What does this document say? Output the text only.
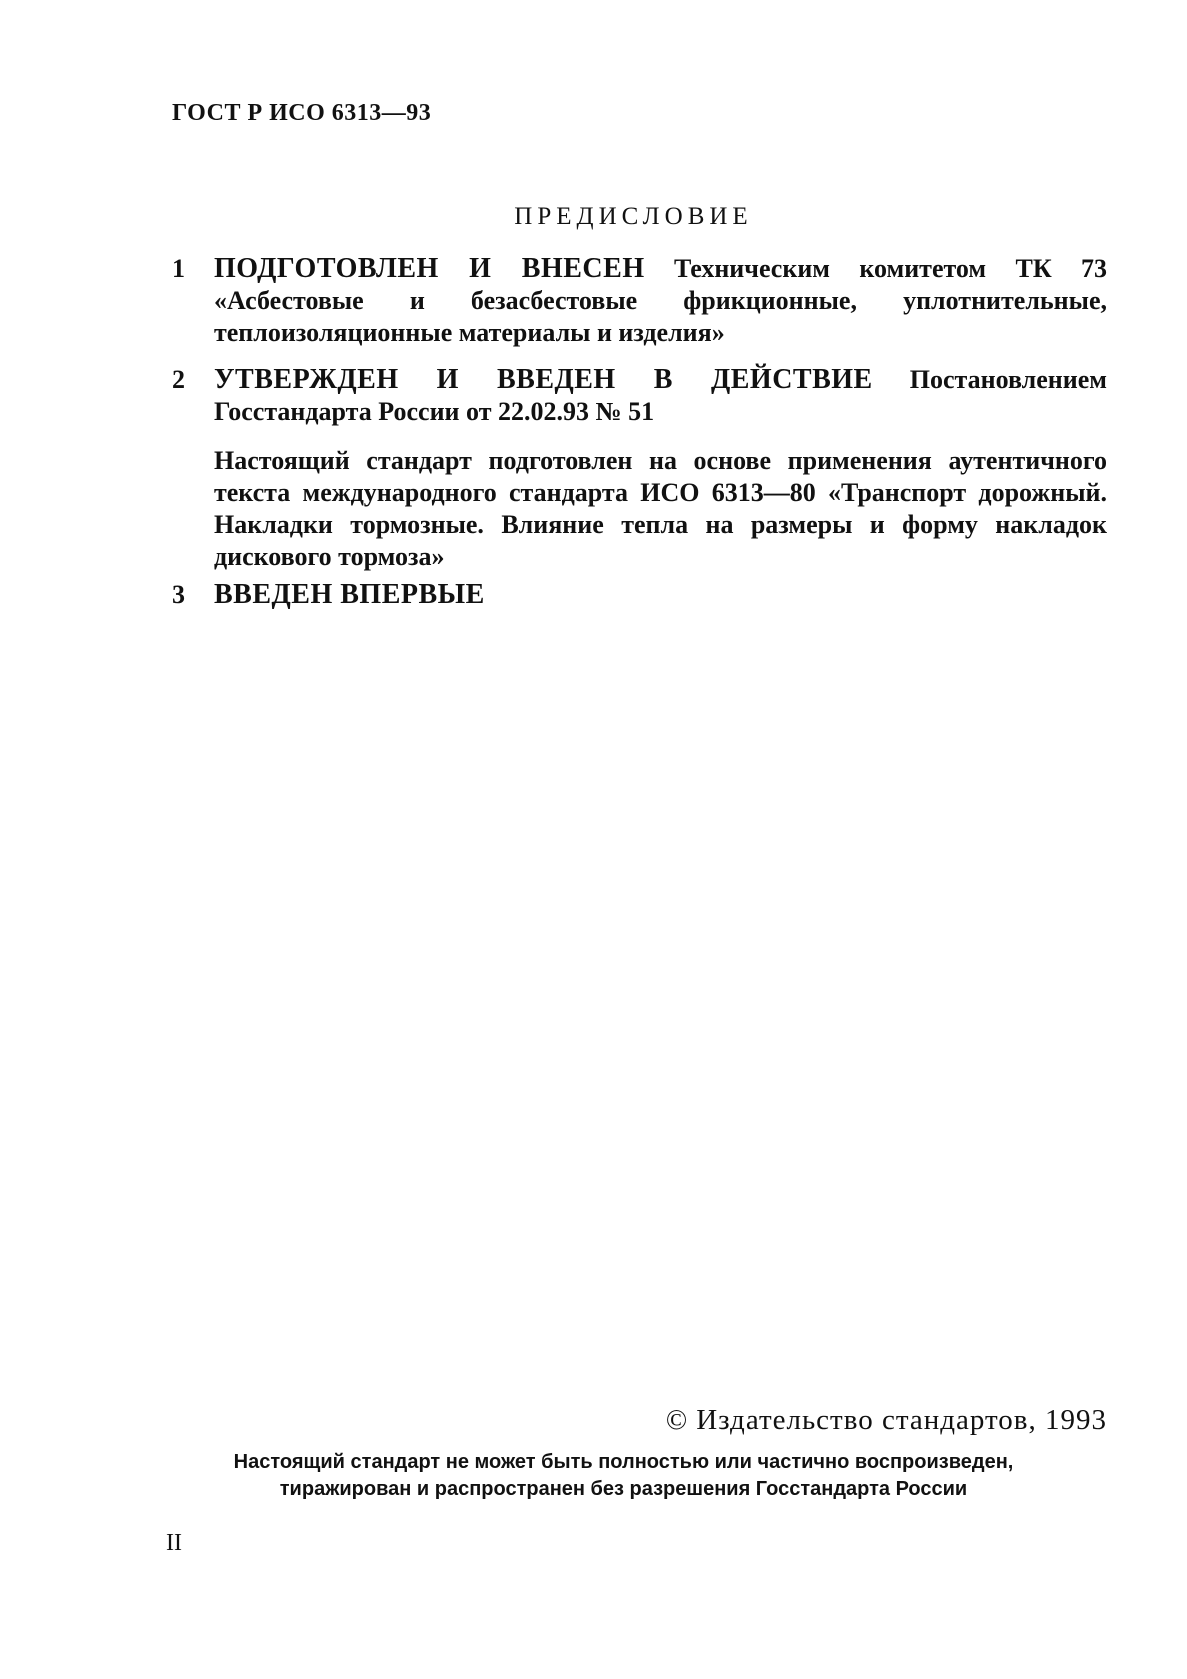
ГОСТ Р ИСО 6313—93
ПРЕДИСЛОВИЕ
1	ПОДГОТОВЛЕН И ВНЕСЕН Техническим комитетом ТК 73 «Асбестовые и безасбестовые фрикционные, уплотнительные, теплоизоляционные материалы и изделия»
2	УТВЕРЖДЕН И ВВЕДЕН В ДЕЙСТВИЕ Постановлением Госстандарта России от 22.02.93 № 51
Настоящий стандарт подготовлен на основе применения аутентичного текста международного стандарта ИСО 6313—80 «Транспорт дорожный. Накладки тормозные. Влияние тепла на размеры и форму накладок дискового тормоза»
3	ВВЕДЕН ВПЕРВЫЕ
© Издательство стандартов, 1993
Настоящий стандарт не может быть полностью или частично воспроизведен,
тиражирован и распространен без разрешения Госстандарта России
II
